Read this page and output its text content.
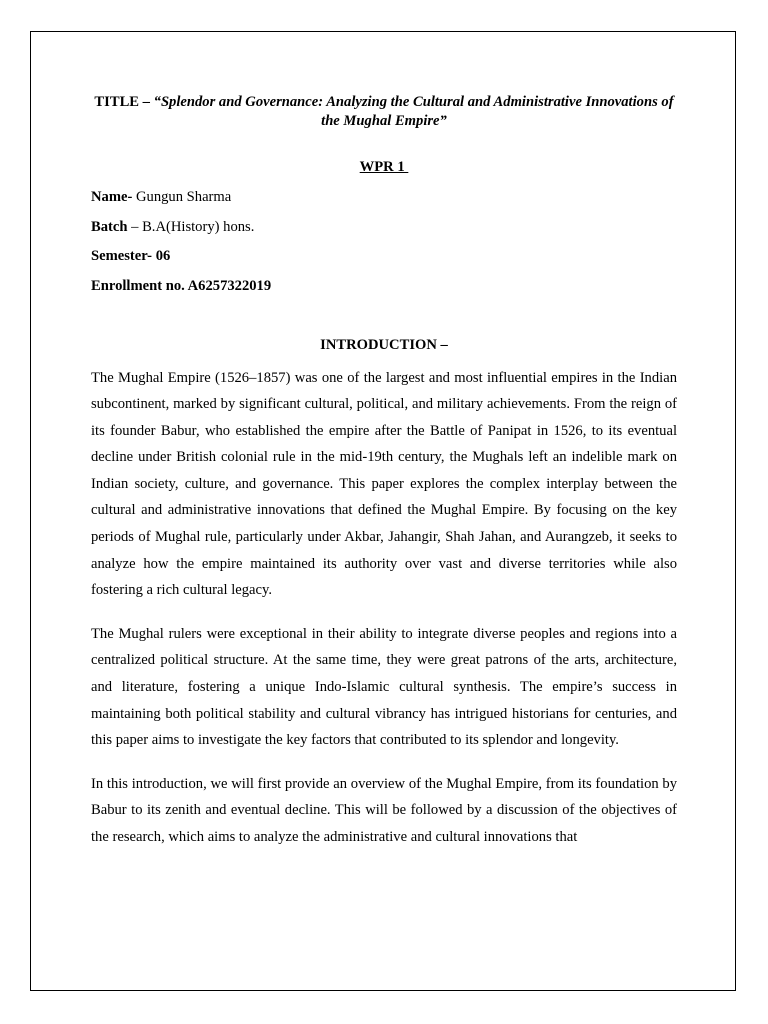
TITLE – “Splendor and Governance: Analyzing the Cultural and Administrative Innovations of the Mughal Empire”

WPR 1

Name- Gungun Sharma

Batch – B.A(History) hons.

Semester- 06

Enrollment no. A6257322019

INTRODUCTION –

The Mughal Empire (1526–1857) was one of the largest and most influential empires in the Indian subcontinent, marked by significant cultural, political, and military achievements. From the reign of its founder Babur, who established the empire after the Battle of Panipat in 1526, to its eventual decline under British colonial rule in the mid-19th century, the Mughals left an indelible mark on Indian society, culture, and governance. This paper explores the complex interplay between the cultural and administrative innovations that defined the Mughal Empire. By focusing on the key periods of Mughal rule, particularly under Akbar, Jahangir, Shah Jahan, and Aurangzeb, it seeks to analyze how the empire maintained its authority over vast and diverse territories while also fostering a rich cultural legacy.

The Mughal rulers were exceptional in their ability to integrate diverse peoples and regions into a centralized political structure. At the same time, they were great patrons of the arts, architecture, and literature, fostering a unique Indo-Islamic cultural synthesis. The empire’s success in maintaining both political stability and cultural vibrancy has intrigued historians for centuries, and this paper aims to investigate the key factors that contributed to its splendor and longevity.

In this introduction, we will first provide an overview of the Mughal Empire, from its foundation by Babur to its zenith and eventual decline. This will be followed by a discussion of the objectives of the research, which aims to analyze the administrative and cultural innovations that
